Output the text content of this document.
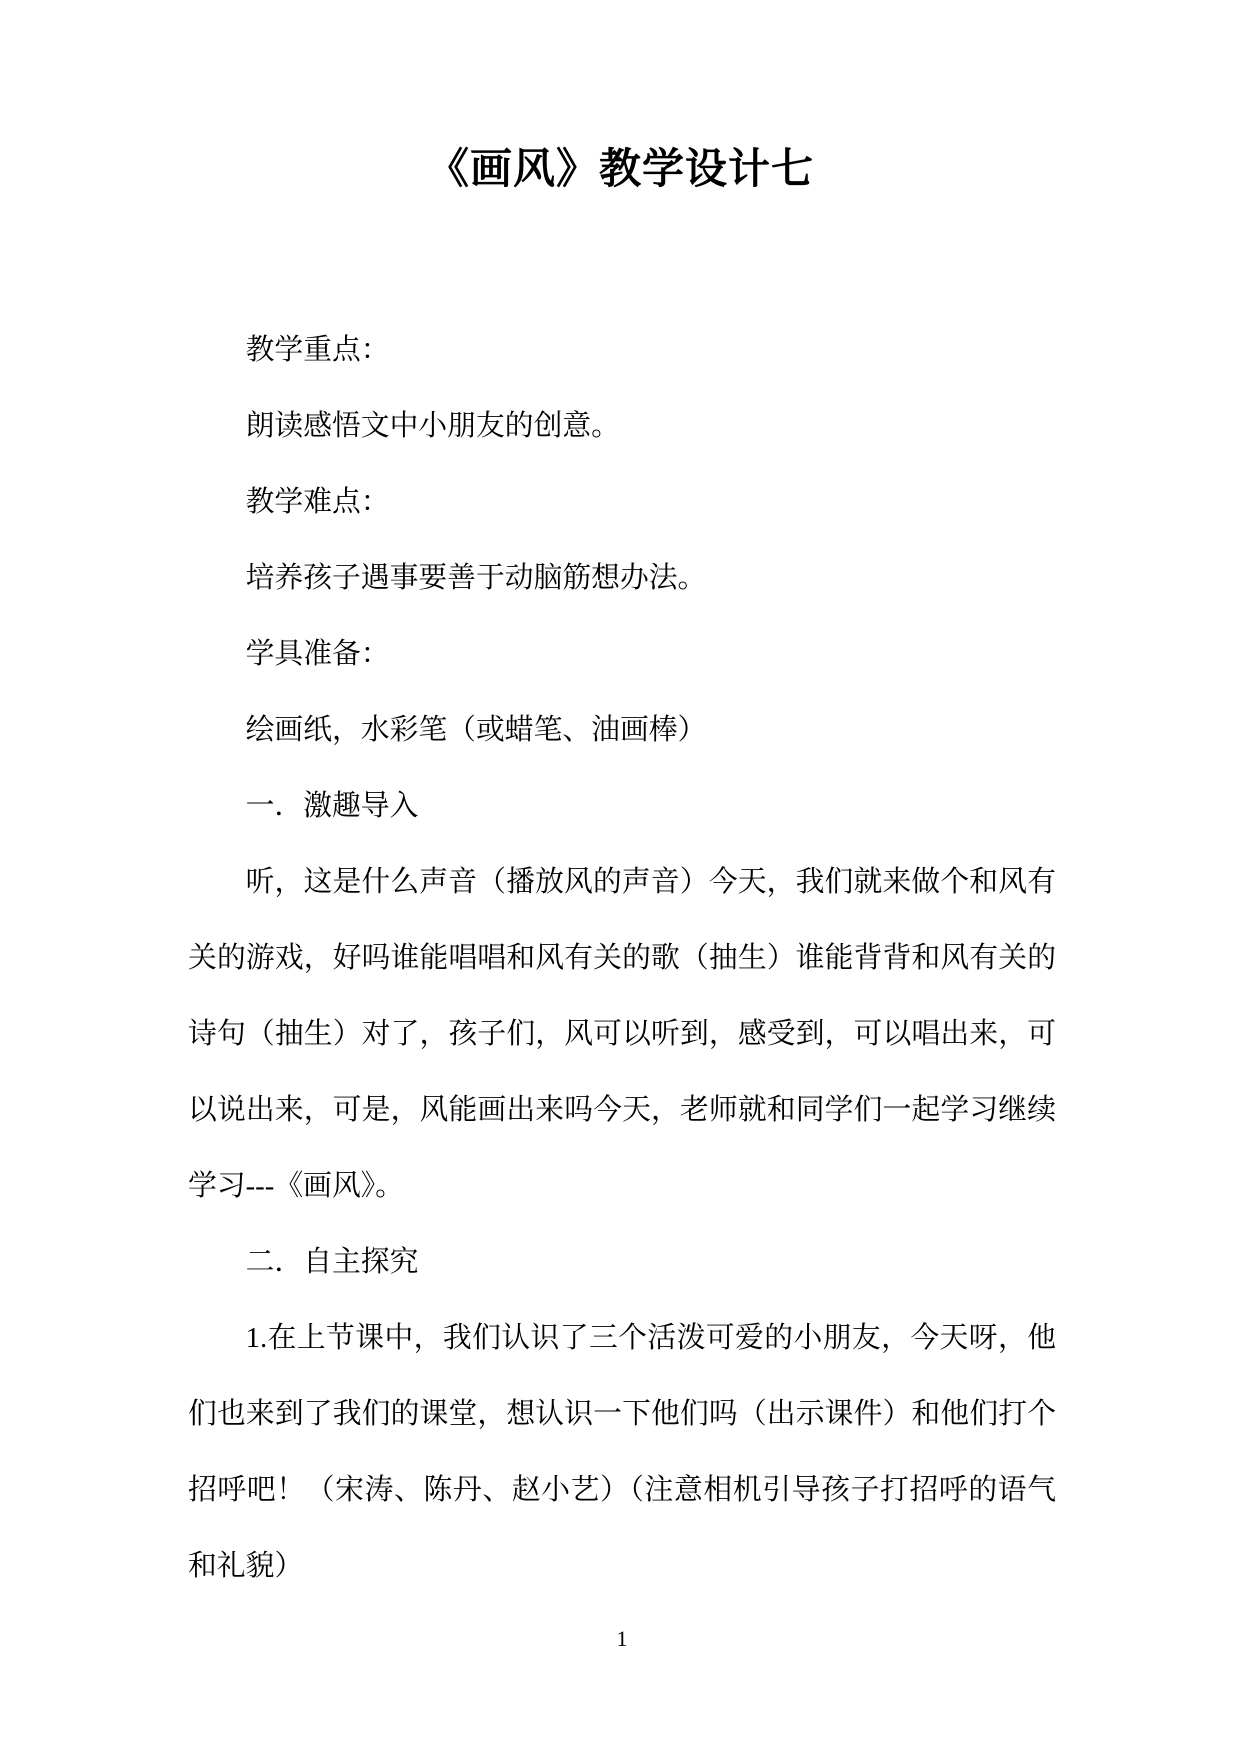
《画风》教学设计七

教学重点：

朗读感悟文中小朋友的创意。

教学难点：

培养孩子遇事要善于动脑筋想办法。

学具准备：

绘画纸，水彩笔（或蜡笔、油画棒）

一．激趣导入

听，这是什么声音（播放风的声音）今天，我们就来做个和风有关的游戏，好吗谁能唱唱和风有关的歌（抽生）谁能背背和风有关的诗句（抽生）对了，孩子们，风可以听到，感受到，可以唱出来，可以说出来，可是，风能画出来吗今天，老师就和同学们一起学习继续学习---《画风》。

二．自主探究

1.在上节课中，我们认识了三个活泼可爱的小朋友，今天呀，他们也来到了我们的课堂，想认识一下他们吗（出示课件）和他们打个招呼吧！（宋涛、陈丹、赵小艺）（注意相机引导孩子打招呼的语气和礼貌）

1
